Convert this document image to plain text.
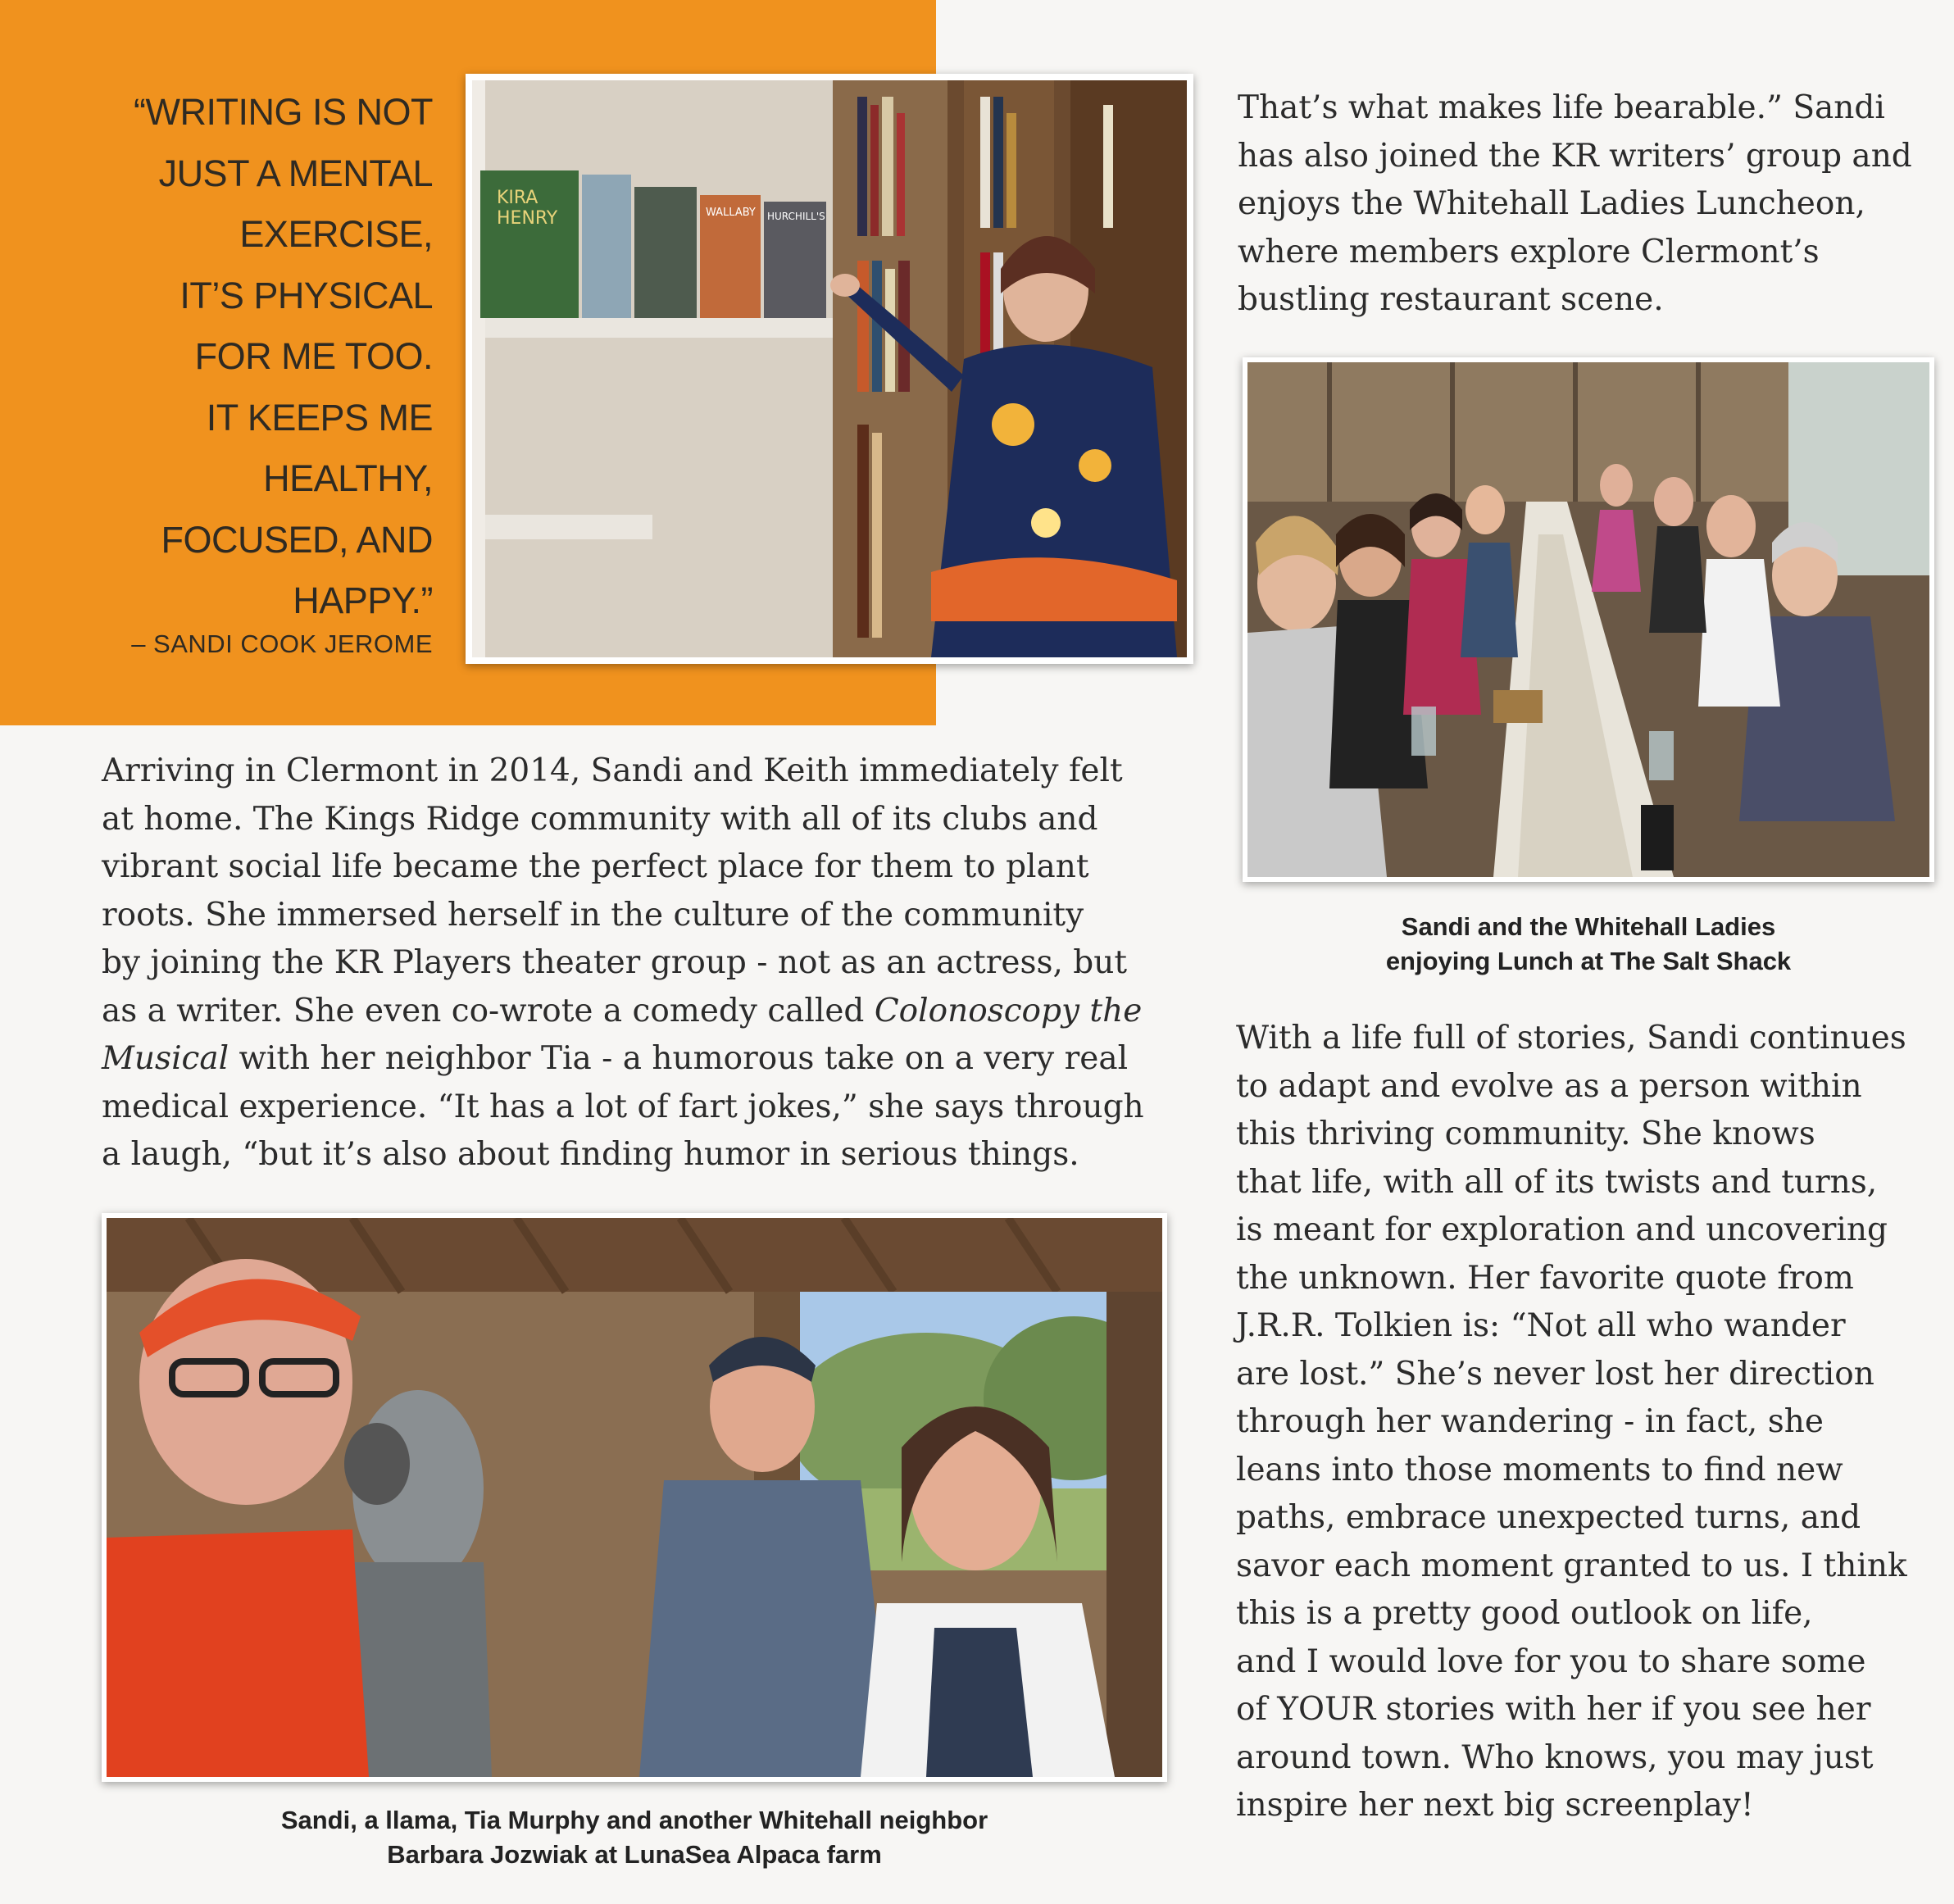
“WRITING IS NOT
JUST A MENTAL
EXERCISE,
IT’S PHYSICAL
FOR ME TOO.
IT KEEPS ME
HEALTHY,
FOCUSED, AND
HAPPY.”
– SANDI COOK JEROME
KIRA
HENRY	WALLABY HURCHILL'S
That’s what makes life bearable.” Sandi
has also joined the KR writers’ group and
enjoys the Whitehall Ladies Luncheon,
where members explore Clermont’s
bustling restaurant scene.
Sandi and the Whitehall Ladies
enjoying Lunch at The Salt Shack
Arriving in Clermont in 2014, Sandi and Keith immediately felt
at home. The Kings Ridge community with all of its clubs and
vibrant social life became the perfect place for them to plant
roots. She immersed herself in the culture of the community
by joining the KR Players theater group - not as an actress, but
as a writer. She even co-wrote a comedy called Colonoscopy the
Musical with her neighbor Tia - a humorous take on a very real
medical experience. “It has a lot of fart jokes,” she says through
a laugh, “but it’s also about finding humor in serious things.
With a life full of stories, Sandi continues
to adapt and evolve as a person within
this thriving community. She knows
that life, with all of its twists and turns,
is meant for exploration and uncovering
the unknown. Her favorite quote from
J.R.R. Tolkien is: “Not all who wander
are lost.” She’s never lost her direction
through her wandering - in fact, she
leans into those moments to find new
paths, embrace unexpected turns, and
savor each moment granted to us. I think
this is a pretty good outlook on life,
and I would love for you to share some
of YOUR stories with her if you see her
around town. Who knows, you may just
inspire her next big screenplay!
Sandi, a llama, Tia Murphy and another Whitehall neighbor
Barbara Jozwiak at LunaSea Alpaca farm
